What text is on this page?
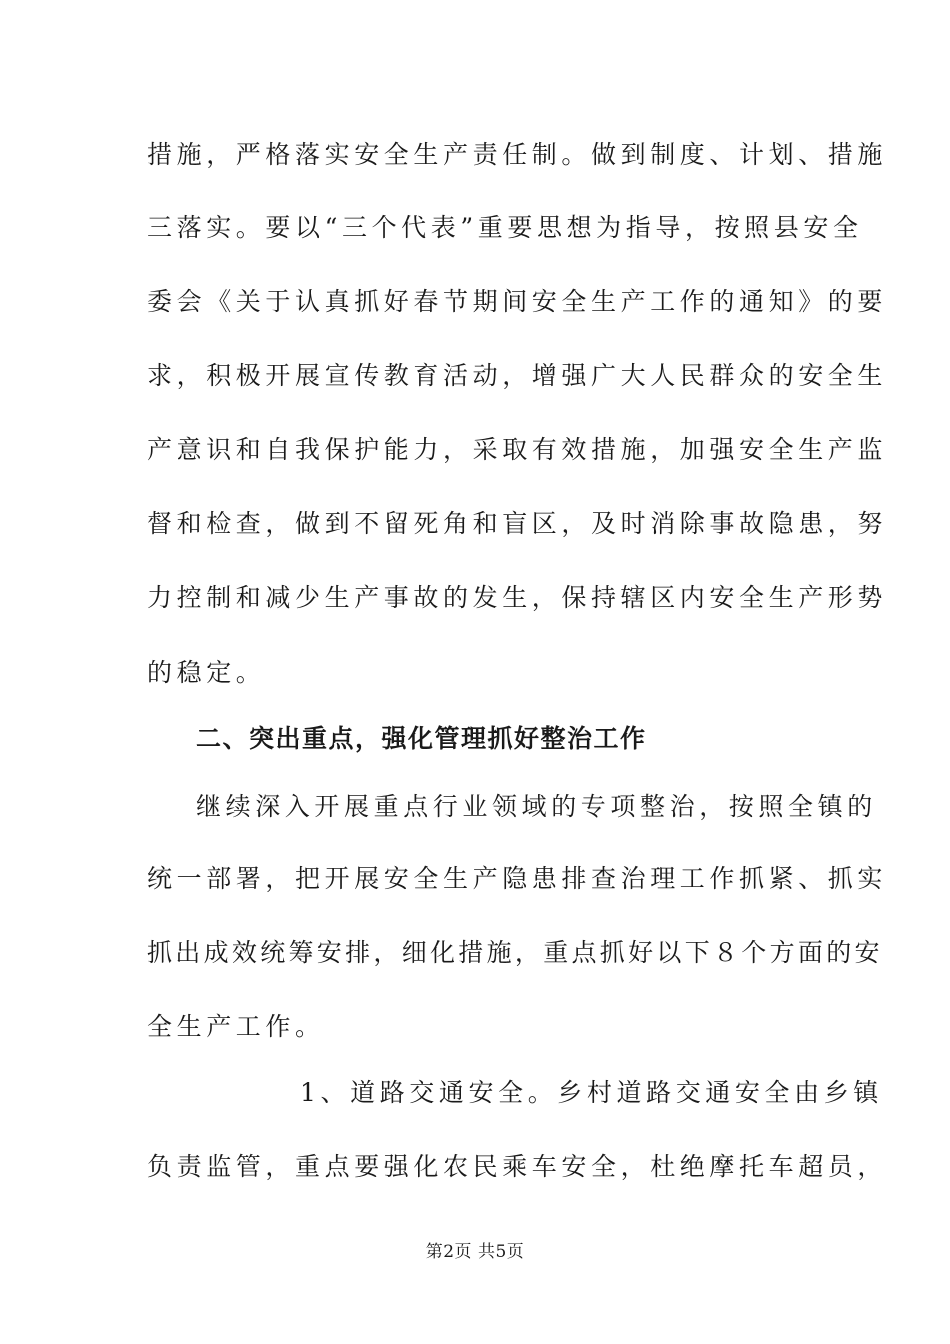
措施，严格落实安全生产责任制。做到制度、计划、措施
三落实。要以“三个代表”重要思想为指导，按照县安全
委会《关于认真抓好春节期间安全生产工作的通知》的要
求，积极开展宣传教育活动，增强广大人民群众的安全生
产意识和自我保护能力，采取有效措施，加强安全生产监
督和检查，做到不留死角和盲区，及时消除事故隐患，努
力控制和减少生产事故的发生，保持辖区内安全生产形势
的稳定。
二、突出重点，强化管理抓好整治工作
继续深入开展重点行业领域的专项整治，按照全镇的
统一部署，把开展安全生产隐患排查治理工作抓紧、抓实
抓出成效统筹安排，细化措施，重点抓好以下８个方面的安
全生产工作。
1、道路交通安全。乡村道路交通安全由乡镇
负责监管，重点要强化农民乘车安全，杜绝摩托车超员，
第2页 共5页
